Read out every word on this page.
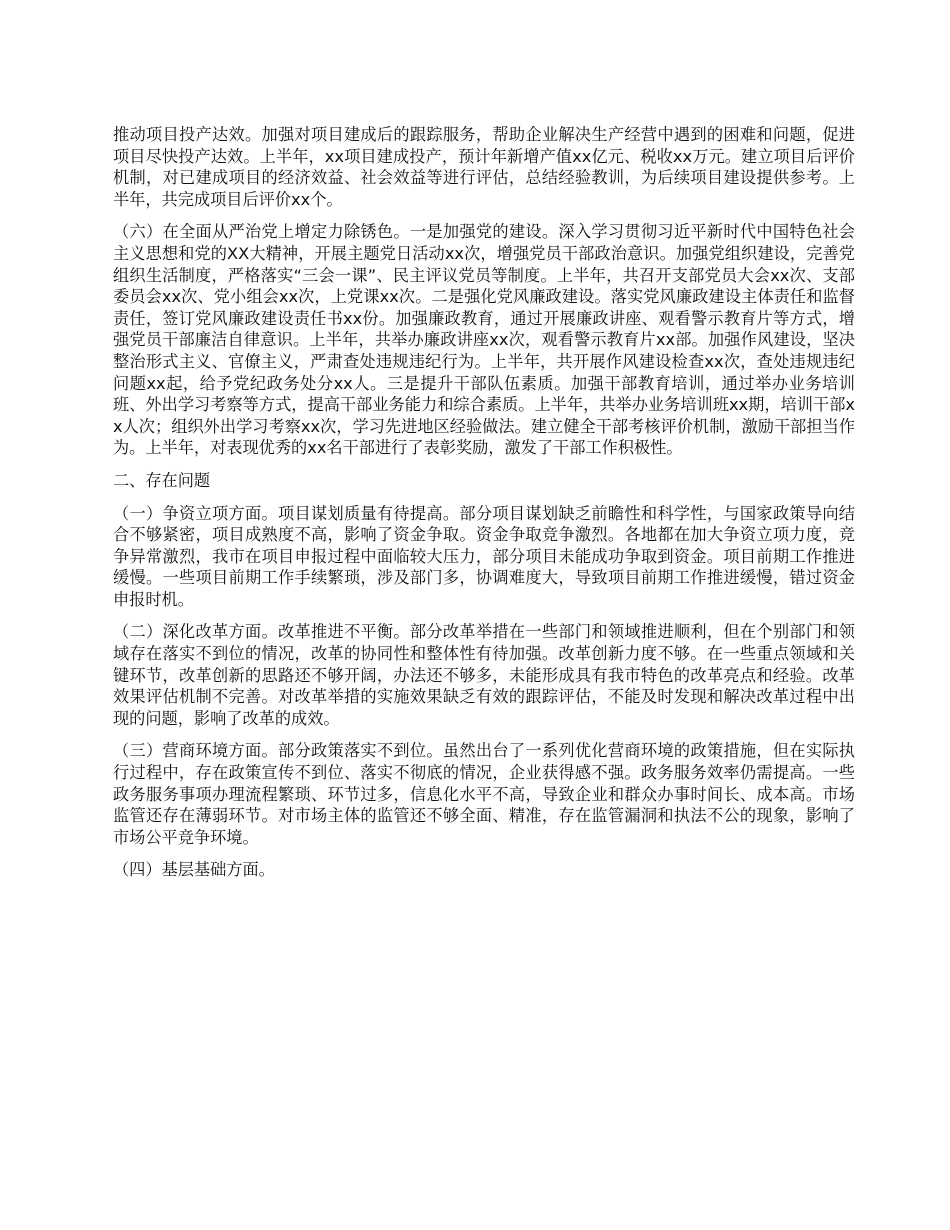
推动项目投产达效。加强对项目建成后的跟踪服务，帮助企业解决生产经营中遇到的困难和问题，促进项目尽快投产达效。上半年，xx项目建成投产，预计年新增产值xx亿元、税收xx万元。建立项目后评价机制，对已建成项目的经济效益、社会效益等进行评估，总结经验教训，为后续项目建设提供参考。上半年，共完成项目后评价xx个。

（六）在全面从严治党上增定力除锈色。一是加强党的建设。深入学习贯彻习近平新时代中国特色社会主义思想和党的XX大精神，开展主题党日活动xx次，增强党员干部政治意识。加强党组织建设，完善党组织生活制度，严格落实“三会一课”、民主评议党员等制度。上半年，共召开支部党员大会xx次、支部委员会xx次、党小组会xx次，上党课xx次。二是强化党风廉政建设。落实党风廉政建设主体责任和监督责任，签订党风廉政建设责任书xx份。加强廉政教育，通过开展廉政讲座、观看警示教育片等方式，增强党员干部廉洁自律意识。上半年，共举办廉政讲座xx次，观看警示教育片xx部。加强作风建设，坚决整治形式主义、官僚主义，严肃查处违规违纪行为。上半年，共开展作风建设检查xx次，查处违规违纪问题xx起，给予党纪政务处分xx人。三是提升干部队伍素质。加强干部教育培训，通过举办业务培训班、外出学习考察等方式，提高干部业务能力和综合素质。上半年，共举办业务培训班xx期，培训干部xx人次；组织外出学习考察xx次，学习先进地区经验做法。建立健全干部考核评价机制，激励干部担当作为。上半年，对表现优秀的xx名干部进行了表彰奖励，激发了干部工作积极性。

二、存在问题

（一）争资立项方面。项目谋划质量有待提高。部分项目谋划缺乏前瞻性和科学性，与国家政策导向结合不够紧密，项目成熟度不高，影响了资金争取。资金争取竞争激烈。各地都在加大争资立项力度，竞争异常激烈，我市在项目申报过程中面临较大压力，部分项目未能成功争取到资金。项目前期工作推进缓慢。一些项目前期工作手续繁琐，涉及部门多，协调难度大，导致项目前期工作推进缓慢，错过资金申报时机。

（二）深化改革方面。改革推进不平衡。部分改革举措在一些部门和领域推进顺利，但在个别部门和领域存在落实不到位的情况，改革的协同性和整体性有待加强。改革创新力度不够。在一些重点领域和关键环节，改革创新的思路还不够开阔，办法还不够多，未能形成具有我市特色的改革亮点和经验。改革效果评估机制不完善。对改革举措的实施效果缺乏有效的跟踪评估，不能及时发现和解决改革过程中出现的问题，影响了改革的成效。

（三）营商环境方面。部分政策落实不到位。虽然出台了一系列优化营商环境的政策措施，但在实际执行过程中，存在政策宣传不到位、落实不彻底的情况，企业获得感不强。政务服务效率仍需提高。一些政务服务事项办理流程繁琐、环节过多，信息化水平不高，导致企业和群众办事时间长、成本高。市场监管还存在薄弱环节。对市场主体的监管还不够全面、精准，存在监管漏洞和执法不公的现象，影响了市场公平竞争环境。

（四）基层基础方面。
